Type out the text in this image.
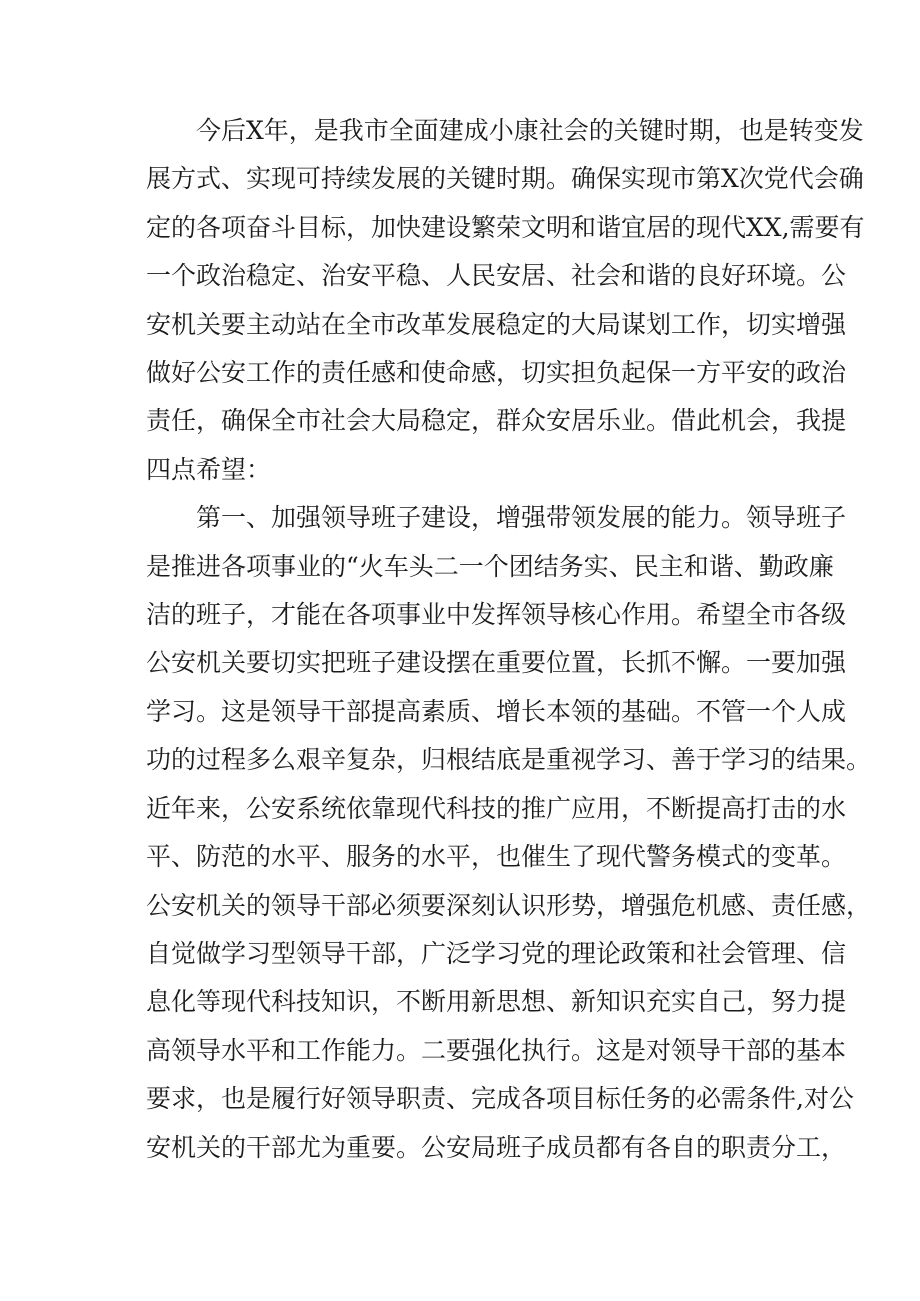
　　今后X年，是我市全面建成小康社会的关键时期，也是转变发
展方式、实现可持续发展的关键时期。确保实现市第X次党代会确
定的各项奋斗目标，加快建设繁荣文明和谐宜居的现代XX,需要有
一个政治稳定、治安平稳、人民安居、社会和谐的良好环境。公
安机关要主动站在全市改革发展稳定的大局谋划工作，切实增强
做好公安工作的责任感和使命感，切实担负起保一方平安的政治
责任，确保全市社会大局稳定，群众安居乐业。借此机会，我提
四点希望：
　　第一、加强领导班子建设，增强带领发展的能力。领导班子
是推进各项事业的“火车头二一个团结务实、民主和谐、勤政廉
洁的班子，才能在各项事业中发挥领导核心作用。希望全市各级
公安机关要切实把班子建设摆在重要位置，长抓不懈。一要加强
学习。这是领导干部提高素质、增长本领的基础。不管一个人成
功的过程多么艰辛复杂，归根结底是重视学习、善于学习的结果。
近年来，公安系统依靠现代科技的推广应用，不断提高打击的水
平、防范的水平、服务的水平，也催生了现代警务模式的变革。
公安机关的领导干部必须要深刻认识形势，增强危机感、责任感，
自觉做学习型领导干部，广泛学习党的理论政策和社会管理、信
息化等现代科技知识，不断用新思想、新知识充实自己，努力提
高领导水平和工作能力。二要强化执行。这是对领导干部的基本
要求，也是履行好领导职责、完成各项目标任务的必需条件,对公
安机关的干部尤为重要。公安局班子成员都有各自的职责分工，
